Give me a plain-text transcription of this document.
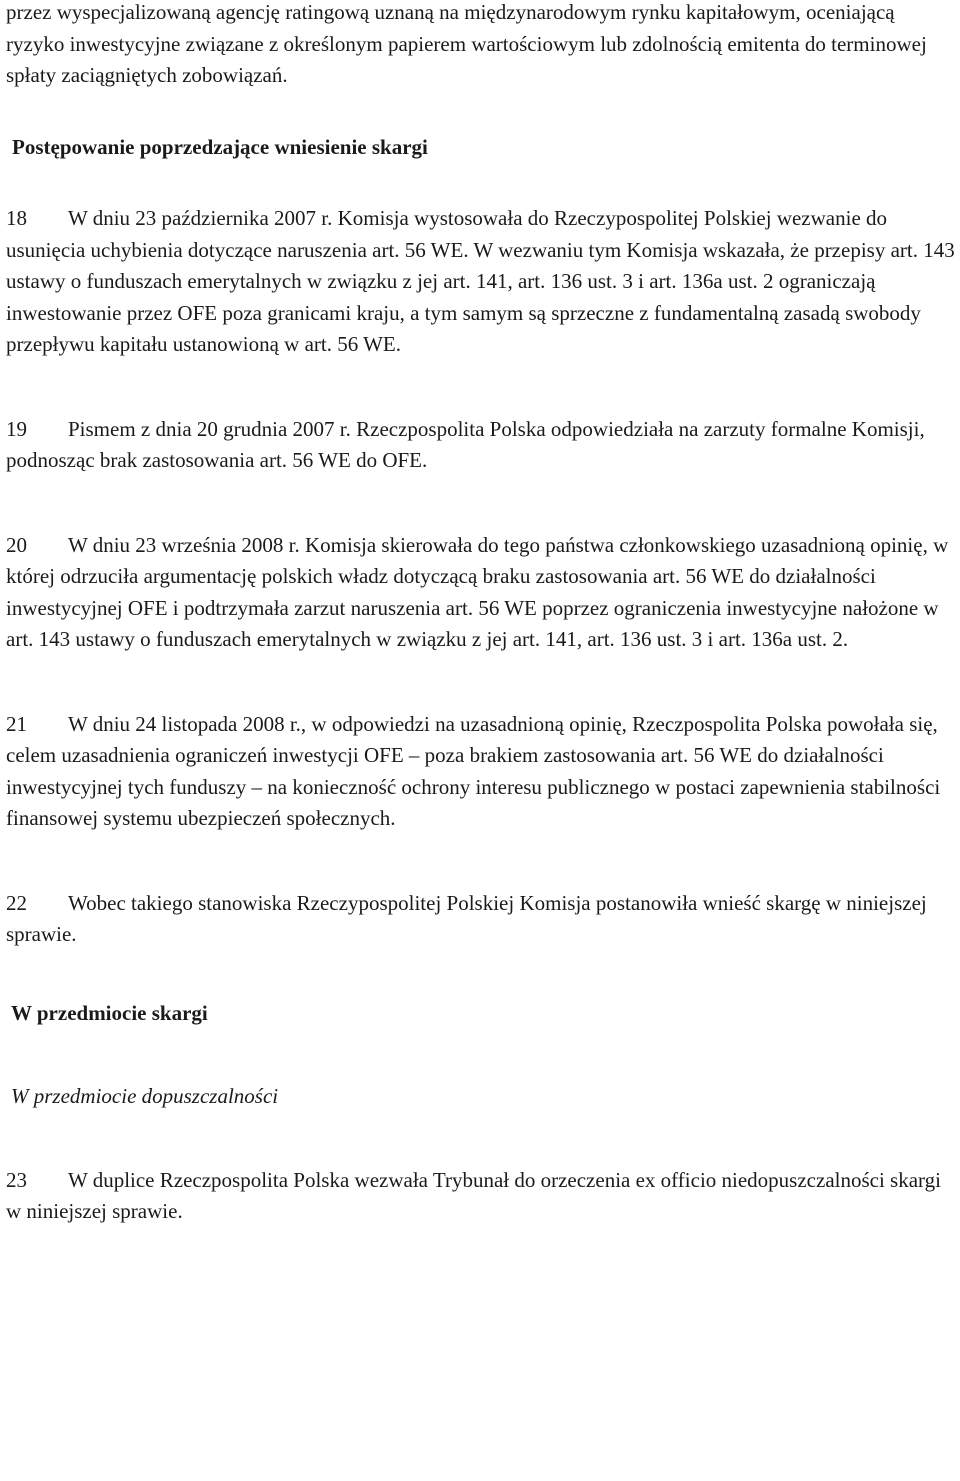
przez wyspecjalizowaną agencję ratingową uznaną na międzynarodowym rynku kapitałowym, oceniającą ryzyko inwestycyjne związane z określonym papierem wartościowym lub zdolnością emitenta do terminowej spłaty zaciągniętych zobowiązań.

Postępowanie poprzedzające wniesienie skargi

18 W dniu 23 października 2007 r. Komisja wystosowała do Rzeczypospolitej Polskiej wezwanie do usunięcia uchybienia dotyczące naruszenia art. 56 WE. W wezwaniu tym Komisja wskazała, że przepisy art. 143 ustawy o funduszach emerytalnych w związku z jej art. 141, art. 136 ust. 3 i art. 136a ust. 2 ograniczają inwestowanie przez OFE poza granicami kraju, a tym samym są sprzeczne z fundamentalną zasadą swobody przepływu kapitału ustanowioną w art. 56 WE.

19 Pismem z dnia 20 grudnia 2007 r. Rzeczpospolita Polska odpowiedziała na zarzuty formalne Komisji, podnosząc brak zastosowania art. 56 WE do OFE.

20 W dniu 23 września 2008 r. Komisja skierowała do tego państwa członkowskiego uzasadnioną opinię, w której odrzuciła argumentację polskich władz dotyczącą braku zastosowania art. 56 WE do działalności inwestycyjnej OFE i podtrzymała zarzut naruszenia art. 56 WE poprzez ograniczenia inwestycyjne nałożone w art. 143 ustawy o funduszach emerytalnych w związku z jej art. 141, art. 136 ust. 3 i art. 136a ust. 2.

21 W dniu 24 listopada 2008 r., w odpowiedzi na uzasadnioną opinię, Rzeczpospolita Polska powołała się, celem uzasadnienia ograniczeń inwestycji OFE – poza brakiem zastosowania art. 56 WE do działalności inwestycyjnej tych funduszy – na konieczność ochrony interesu publicznego w postaci zapewnienia stabilności finansowej systemu ubezpieczeń społecznych.

22 Wobec takiego stanowiska Rzeczypospolitej Polskiej Komisja postanowiła wnieść skargę w niniejszej sprawie.

W przedmiocie skargi

W przedmiocie dopuszczalności

23 W duplice Rzeczpospolita Polska wezwała Trybunał do orzeczenia ex officio niedopuszczalności skargi w niniejszej sprawie.
